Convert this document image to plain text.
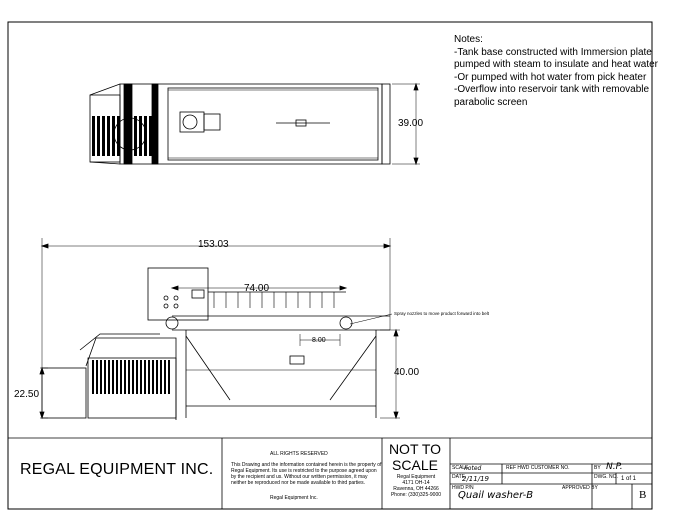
Notes:
-Tank base constructed with Immersion plate
pumped with steam to insulate and heat water
-Or pumped with hot water from pick heater
-Overflow into reservoir tank with removable
parabolic screen
39.00
153.03
74.00
8.00
40.00
22.50
Spray nozzles to move product forward into belt
REGAL EQUIPMENT INC.
ALL RIGHTS RESERVED
This Drawing and the information contained herein is the property of Regal Equipment. Its use is restricted to the purpose agreed upon by the recipient and us. Without our written permission, it may neither be reproduced nor be made available to third parties.
Regal Equipment Inc.
NOT TO
SCALE
Regal Equipment
4171 OH-14
Ravenna, OH 44266
Phone: (330)325-9000
SCALE
noted	REF HWD CUSTOMER NO.	BY N.P.
DATE
2/11/19	DWG. NO. 1 of 1
HWD P/N
Quail washer-B
APPROVED BY
B
